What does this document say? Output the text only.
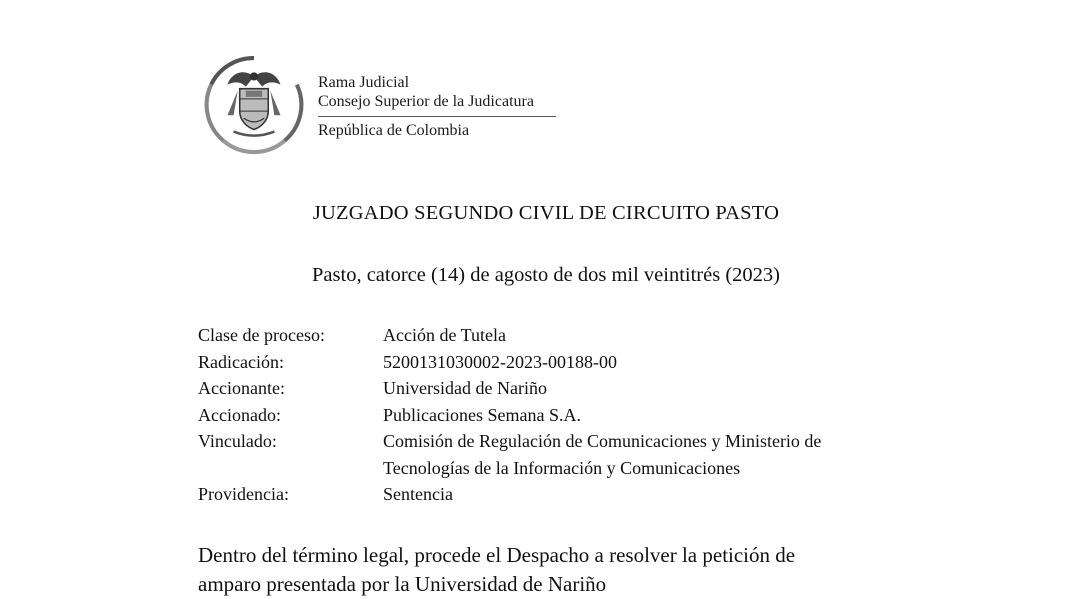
Rama Judicial
Consejo Superior de la Judicatura
República de Colombia
JUZGADO SEGUNDO CIVIL DE CIRCUITO PASTO
Pasto, catorce (14) de agosto de dos mil veintitrés (2023)
Clase de proceso:	Acción de Tutela
Radicación:	5200131030002-2023-00188-00
Accionante:	Universidad de Nariño
Accionado:	Publicaciones Semana S.A.
Vinculado:	Comisión de Regulación de Comunicaciones y Ministerio de
Tecnologías de la Información y Comunicaciones
Providencia:	Sentencia
Dentro del término legal, procede el Despacho a resolver la petición de
amparo presentada por la Universidad de Nariño
